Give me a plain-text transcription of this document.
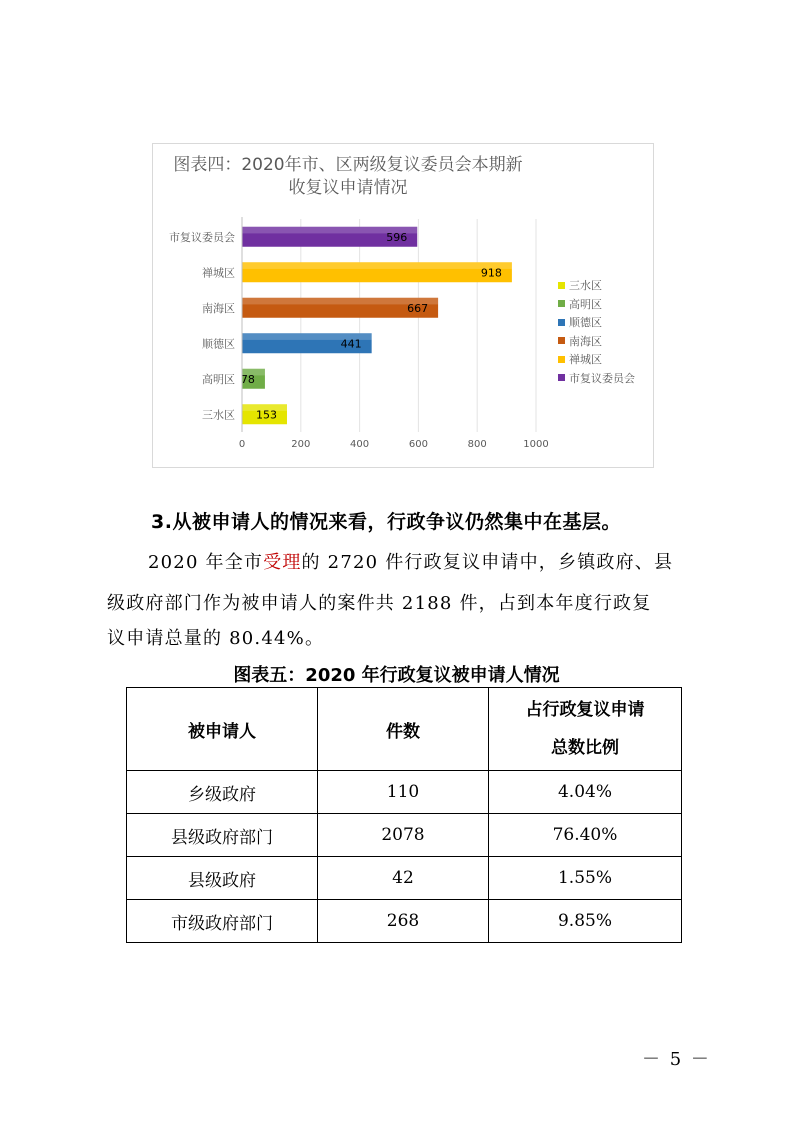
图表四：2020年市、区两级复议委员会本期新
收复议申请情况
0	200	400	600	800	1000
市复议委员会	596
禅城区	918
南海区	667
顺德区	441
高明区 78
三水区 153
三水区
高明区
顺德区
南海区
禅城区
市复议委员会
3.从被申请人的情况来看，行政争议仍然集中在基层。
2020 年全市受理的 2720 件行政复议申请中，乡镇政府、县
级政府部门作为被申请人的案件共 2188 件，占到本年度行政复
议申请总量的 80.44%。
图表五：2020 年行政复议被申请人情况
被申请人	件数	占行政复议申请
总数比例

乡级政府	110	4.04%
县级政府部门	2078	76.40%
县级政府	42	1.55%
市级政府部门	268	9.85%
－ 5 －
